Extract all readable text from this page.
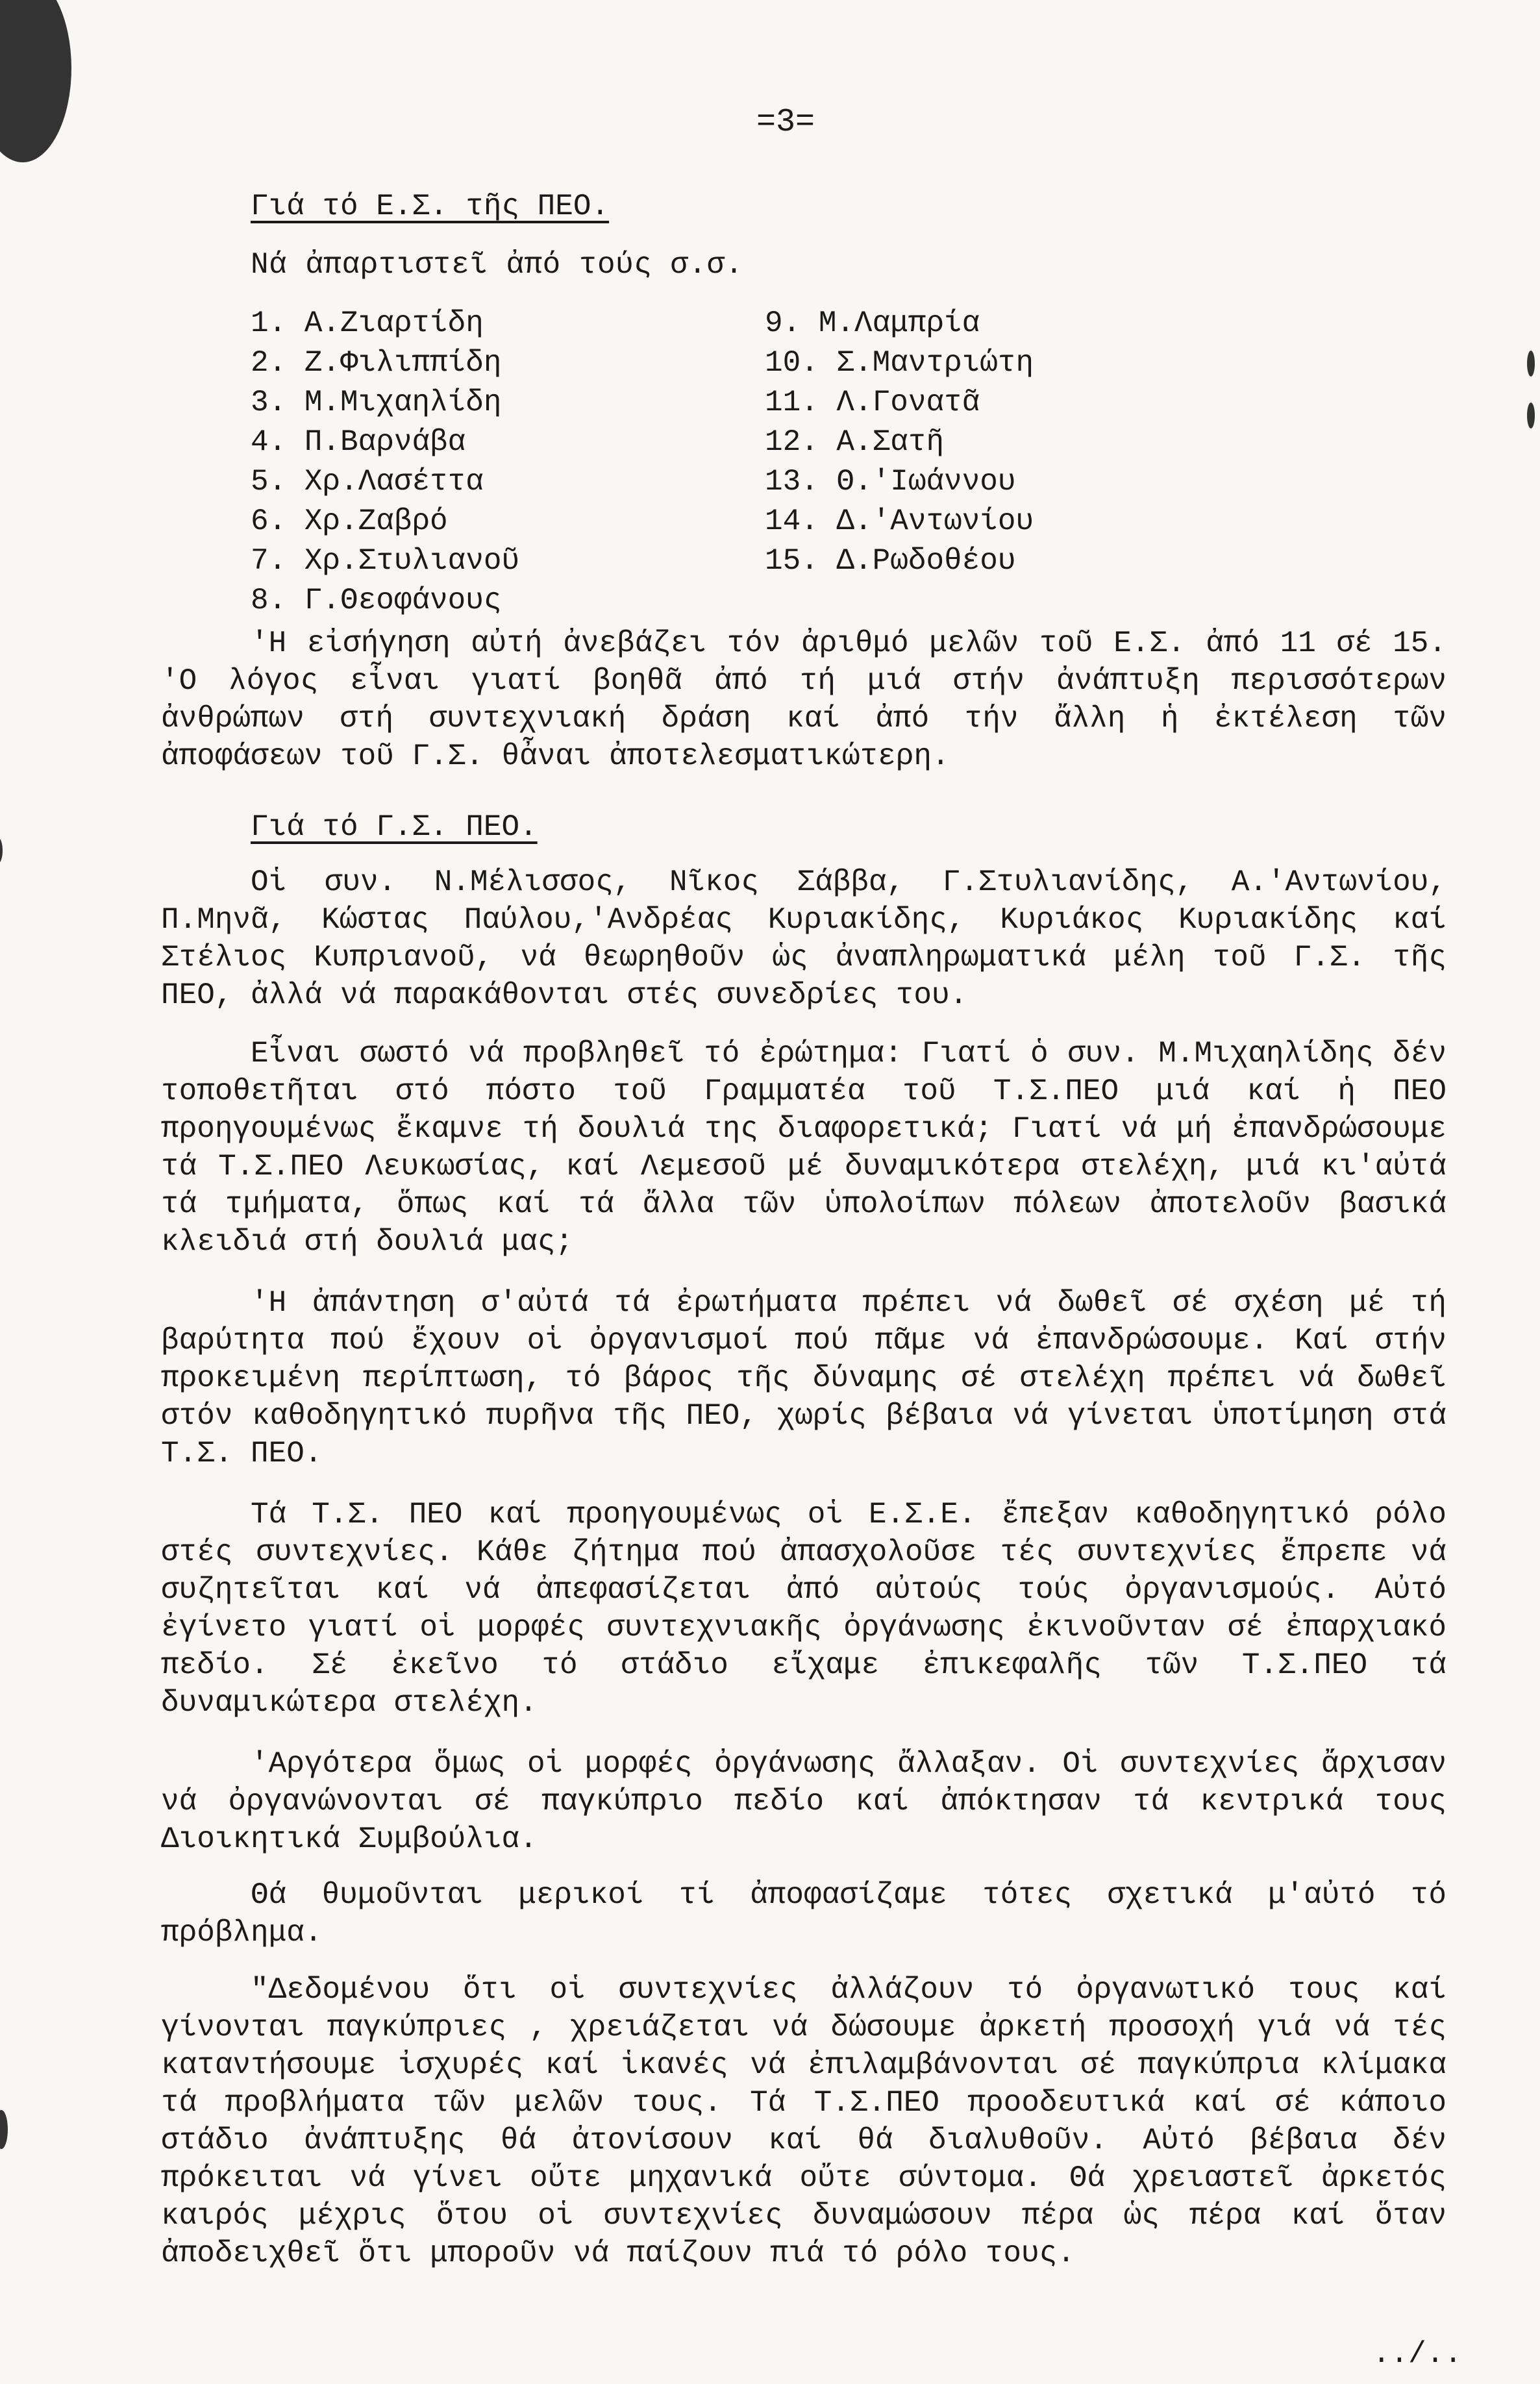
=3=
Γιά τό Ε.Σ. τῆς ΠΕΟ.
Νά ἀπαρτιστεῖ ἀπό τούς σ.σ.
1. Α.Ζιαρτίδη
2. Ζ.Φιλιππίδη
3. Μ.Μιχαηλίδη
4. Π.Βαρνάβα
5. Χρ.Λασέττα
6. Χρ.Ζαβρό
7. Χρ.Στυλιανοῦ
8. Γ.Θεοφάνους
9. Μ.Λαμπρία
10. Σ.Μαντριώτη
11. Λ.Γονατᾶ
12. Α.Σατῆ
13. Θ.'Ιωάννου
14. Δ.'Αντωνίου
15. Δ.Ρωδοθέου

'Η εἰσήγηση αὐτή ἀνεβάζει τόν ἀριθμό μελῶν τοῦ Ε.Σ. ἀπό 11 σέ 15. 'Ο λόγος εἶναι γιατί βοηθᾶ ἀπό τή μιά στήν ἀνάπτυξη περισσότερων ἀνθρώπων στή συντεχνιακή δράση καί ἀπό τήν ἄλλη ἡ ἐκτέλεση τῶν ἀποφάσεων τοῦ Γ.Σ. θἆναι ἀποτελεσματικώτερη.

Γιά τό Γ.Σ. ΠΕΟ.

Οἱ συν. Ν.Μέλισσος, Νῖκος Σάββα, Γ.Στυλιανίδης, Α.'Αντωνίου, Π.Μηνᾶ, Κώστας Παύλου,'Ανδρέας Κυριακίδης, Κυριάκος Κυριακίδης καί Στέλιος Κυπριανοῦ, νά θεωρηθοῦν ὡς ἀναπληρωματικά μέλη τοῦ Γ.Σ. τῆς ΠΕΟ, ἀλλά νά παρακάθονται στές συνεδρίες του.

Εἶναι σωστό νά προβληθεῖ τό ἐρώτημα: Γιατί ὁ συν. Μ.Μιχαηλίδης δέν τοποθετῆται στό πόστο τοῦ Γραμματέα τοῦ Τ.Σ.ΠΕΟ μιά καί ἡ ΠΕΟ προηγουμένως ἔκαμνε τή δουλιά της διαφορετικά; Γιατί νά μή ἐπανδρώσουμε τά Τ.Σ.ΠΕΟ Λευκωσίας, καί Λεμεσοῦ μέ δυναμικότερα στελέχη, μιά κι'αὐτά τά τμήματα, ὅπως καί τά ἄλλα τῶν ὑπολοίπων πόλεων ἀποτελοῦν βασικά κλειδιά στή δουλιά μας;

'Η ἀπάντηση σ'αὐτά τά ἐρωτήματα πρέπει νά δωθεῖ σέ σχέση μέ τή βαρύτητα πού ἔχουν οἱ ὀργανισμοί πού πᾶμε νά ἐπανδρώσουμε. Καί στήν προκειμένη περίπτωση, τό βάρος τῆς δύναμης σέ στελέχη πρέπει νά δωθεῖ στόν καθοδηγητικό πυρῆνα τῆς ΠΕΟ, χωρίς βέβαια νά γίνεται ὑποτίμηση στά Τ.Σ. ΠΕΟ.

Τά Τ.Σ. ΠΕΟ καί προηγουμένως οἱ Ε.Σ.Ε. ἔπεξαν καθοδηγητικό ρόλο στές συντεχνίες. Κάθε ζήτημα πού ἀπασχολοῦσε τές συντεχνίες ἔπρεπε νά συζητεῖται καί νά ἀπεφασίζεται ἀπό αὐτούς τούς ὀργανισμούς. Αὐτό ἐγίνετο γιατί οἱ μορφές συντεχνιακῆς ὀργάνωσης ἐκινοῦνταν σέ ἐπαρχιακό πεδίο. Σέ ἐκεῖνο τό στάδιο εἴχαμε ἐπικεφαλῆς τῶν Τ.Σ.ΠΕΟ τά δυναμικώτερα στελέχη.

'Αργότερα ὅμως οἱ μορφές ὀργάνωσης ἄλλαξαν. Οἱ συντεχνίες ἄρχισαν νά ὀργανώνονται σέ παγκύπριο πεδίο καί ἀπόκτησαν τά κεντρικά τους Διοικητικά Συμβούλια.

Θά θυμοῦνται μερικοί τί ἀποφασίζαμε τότες σχετικά μ'αὐτό τό πρόβλημα.

"Δεδομένου ὅτι οἱ συντεχνίες ἀλλάζουν τό ὀργανωτικό τους καί γίνονται παγκύπριες , χρειάζεται νά δώσουμε ἀρκετή προσοχή γιά νά τές καταντήσουμε ἰσχυρές καί ἱκανές νά ἐπιλαμβάνονται σέ παγκύπρια κλίμακα τά προβλήματα τῶν μελῶν τους. Τά Τ.Σ.ΠΕΟ προοδευτικά καί σέ κάποιο στάδιο ἀνάπτυξης θά ἀτονίσουν καί θά διαλυθοῦν. Αὐτό βέβαια δέν πρόκειται νά γίνει οὔτε μηχανικά οὔτε σύντομα. Θά χρειαστεῖ ἀρκετός καιρός μέχρις ὅτου οἱ συντεχνίες δυναμώσουν πέρα ὡς πέρα καί ὅταν ἀποδειχθεῖ ὅτι μποροῦν νά παίζουν πιά τό ρόλο τους.

../..
